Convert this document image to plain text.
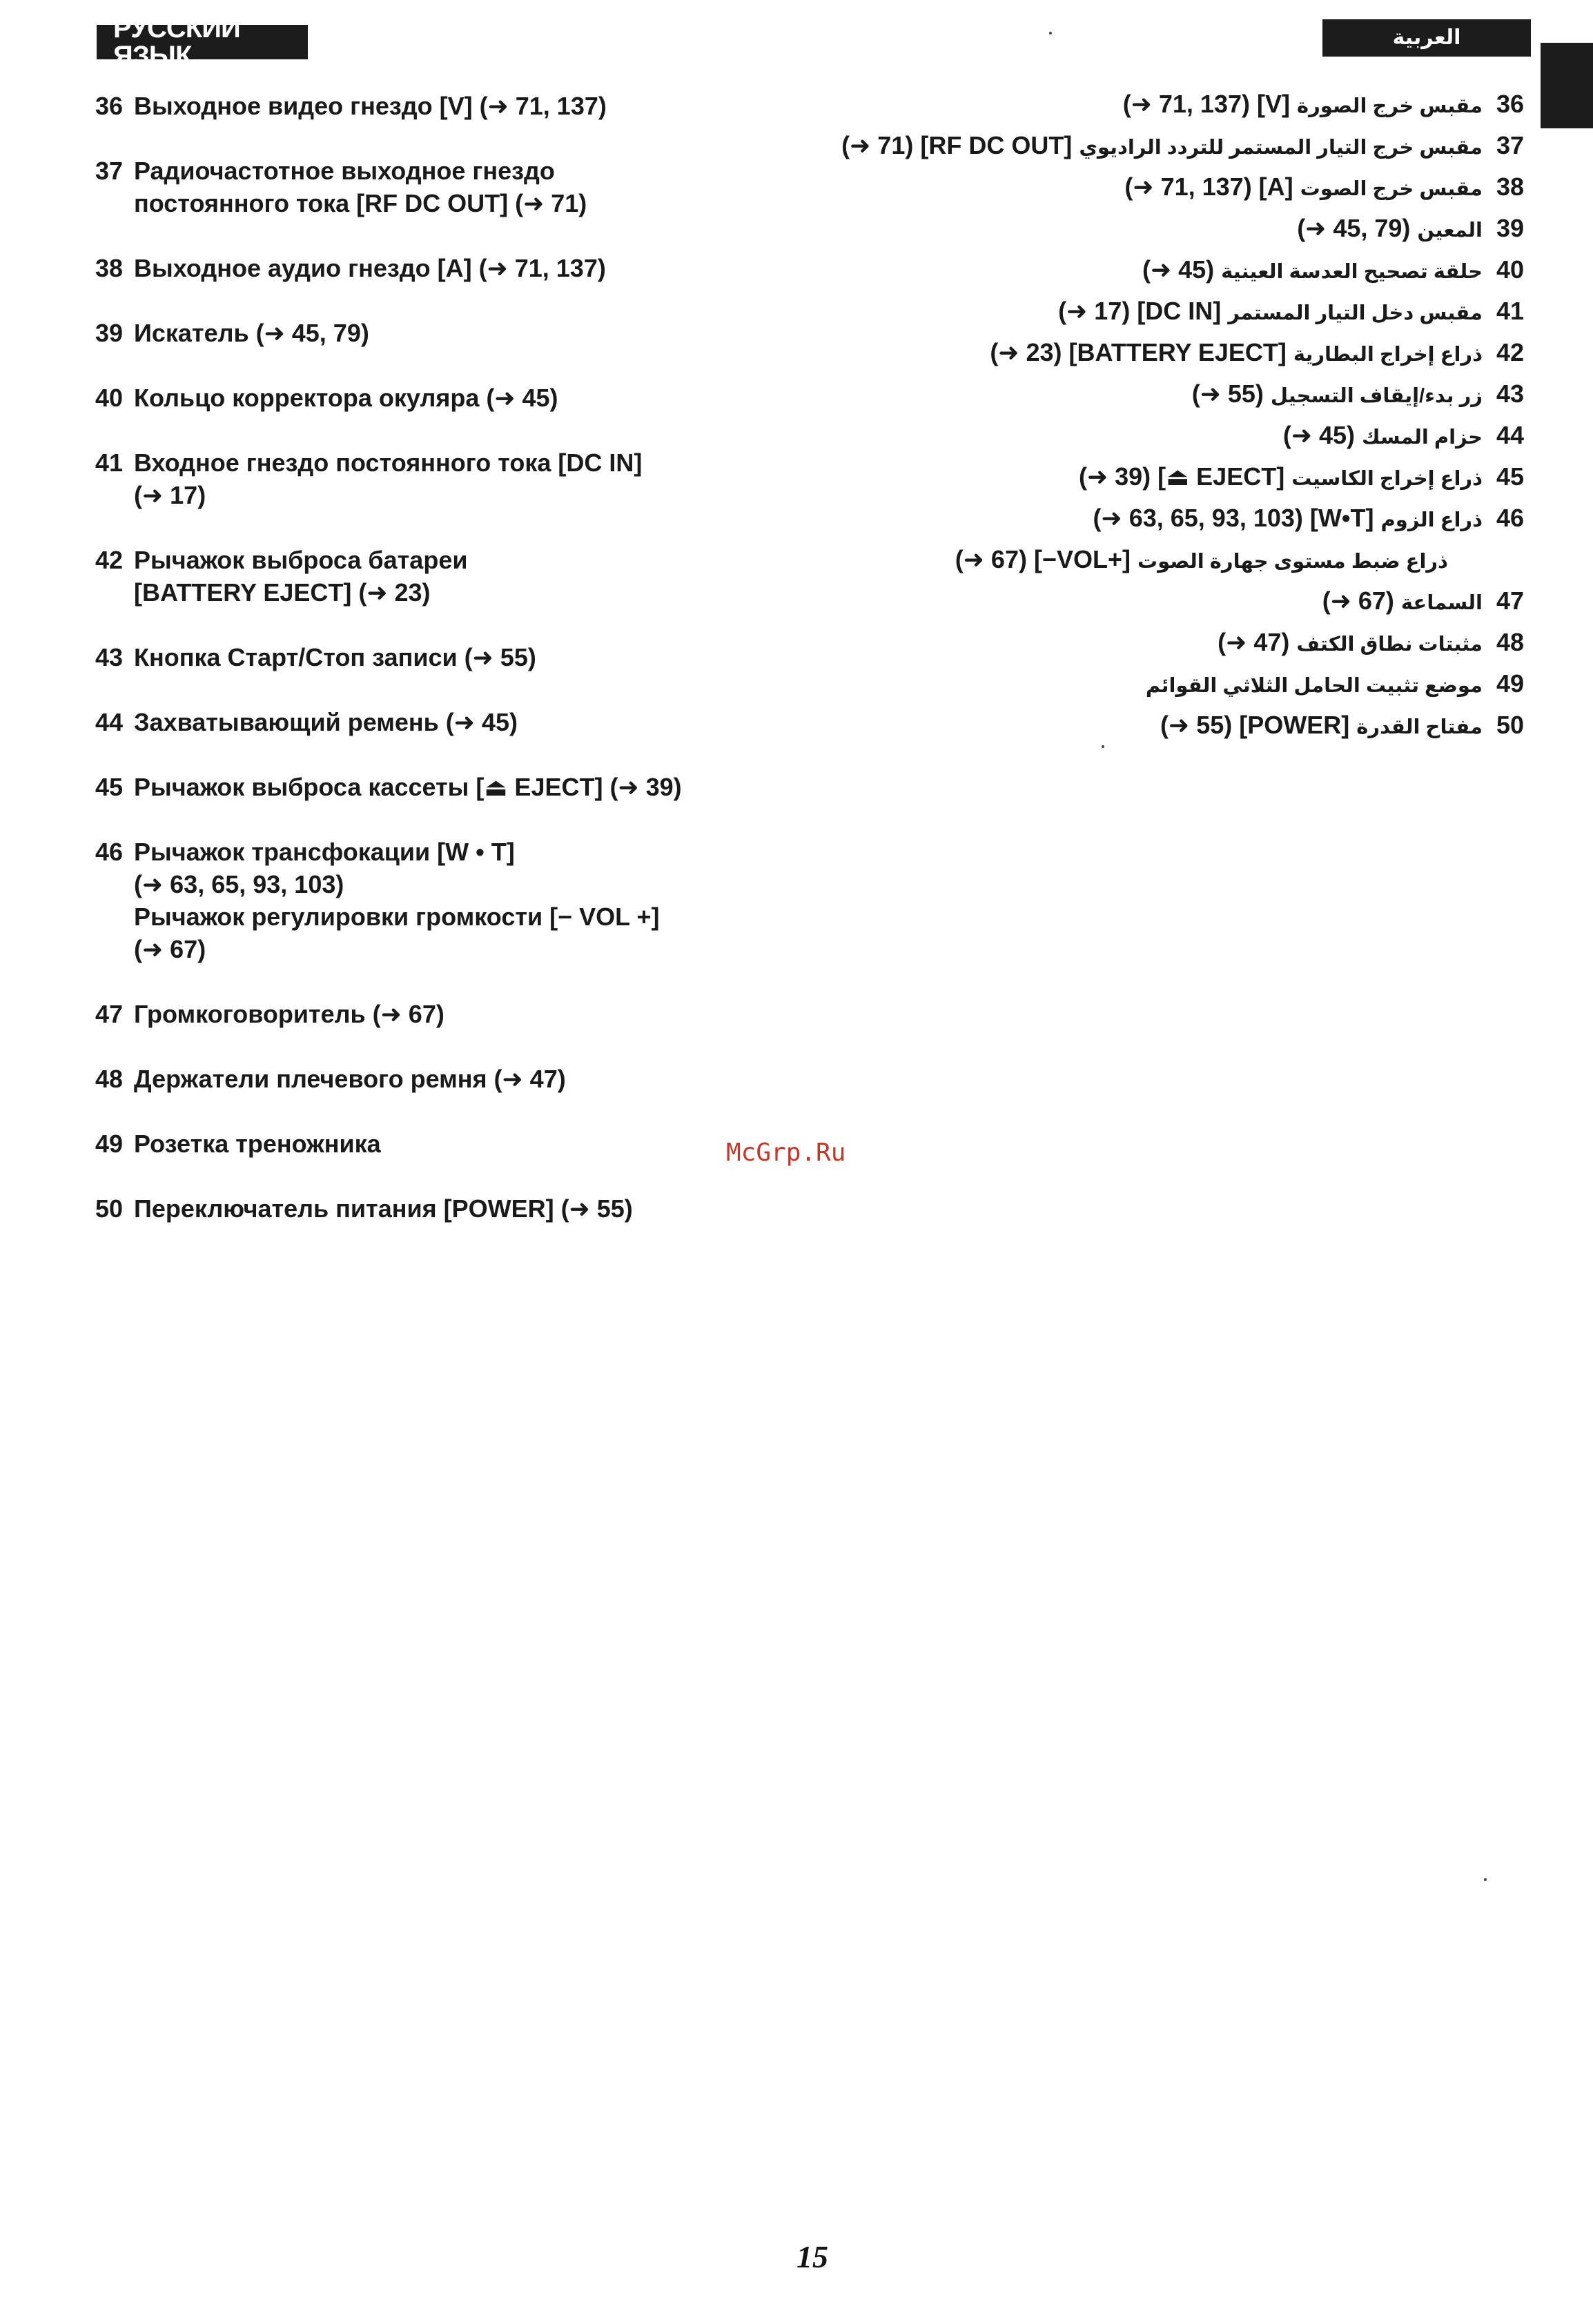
РУССКИЙ ЯЗЫК
العربية
36 Выходное видео гнездо [V] (➜ 71, 137)
37 Радиочастотное выходное гнездо
постоянного тока [RF DC OUT] (➜ 71)
38 Выходное аудио гнездо [A] (➜ 71, 137)
39 Искатель (➜ 45, 79)
40 Кольцо корректора окуляра (➜ 45)
41 Входное гнездо постоянного тока [DC IN]
(➜ 17)
42 Рычажок выброса батареи
[BATTERY EJECT] (➜ 23)
43 Кнопка Старт/Стоп записи (➜ 55)
44 Захватывающий ремень (➜ 45)
45 Рычажок выброса кассеты [⏏ EJECT] (➜ 39)
46 Рычажок трансфокации [W • T]
(➜ 63, 65, 93, 103)
Рычажок регулировки громкости [− VOL +]
(➜ 67)
47 Громкоговоритель (➜ 67)
48 Держатели плечевого ремня (➜ 47)
49 Розетка треножника
50 Переключатель питания [POWER] (➜ 55)
(➜ 71, 137) [V] مقبس خرج الصورة 36
(➜ 71) [RF DC OUT] مقبس خرج التيار المستمر للتردد الراديوي 37
(➜ 71, 137) [A] مقبس خرج الصوت 38
(➜ 45, 79) المعين 39
(➜ 45) حلقة تصحيح العدسة العينية 40
(➜ 17) [DC IN] مقبس دخل التيار المستمر 41
(➜ 23) [BATTERY EJECT] ذراع إخراج البطارية 42
(➜ 55) زر بدء/إيقاف التسجيل 43
(➜ 45) حزام المسك 44
(➜ 39) [⏏ EJECT] ذراع إخراج الكاسيت 45
(➜ 63, 65, 93, 103) [W•T] ذراع الزوم 46
(➜ 67) [−VOL+] ذراع ضبط مستوى جهارة الصوت
(➜ 67) السماعة 47
(➜ 47) مثبتات نطاق الكتف 48
موضع تثبيت الحامل الثلاثي القوائم 49
(➜ 55) [POWER] مفتاح القدرة 50
McGrp.Ru
15
